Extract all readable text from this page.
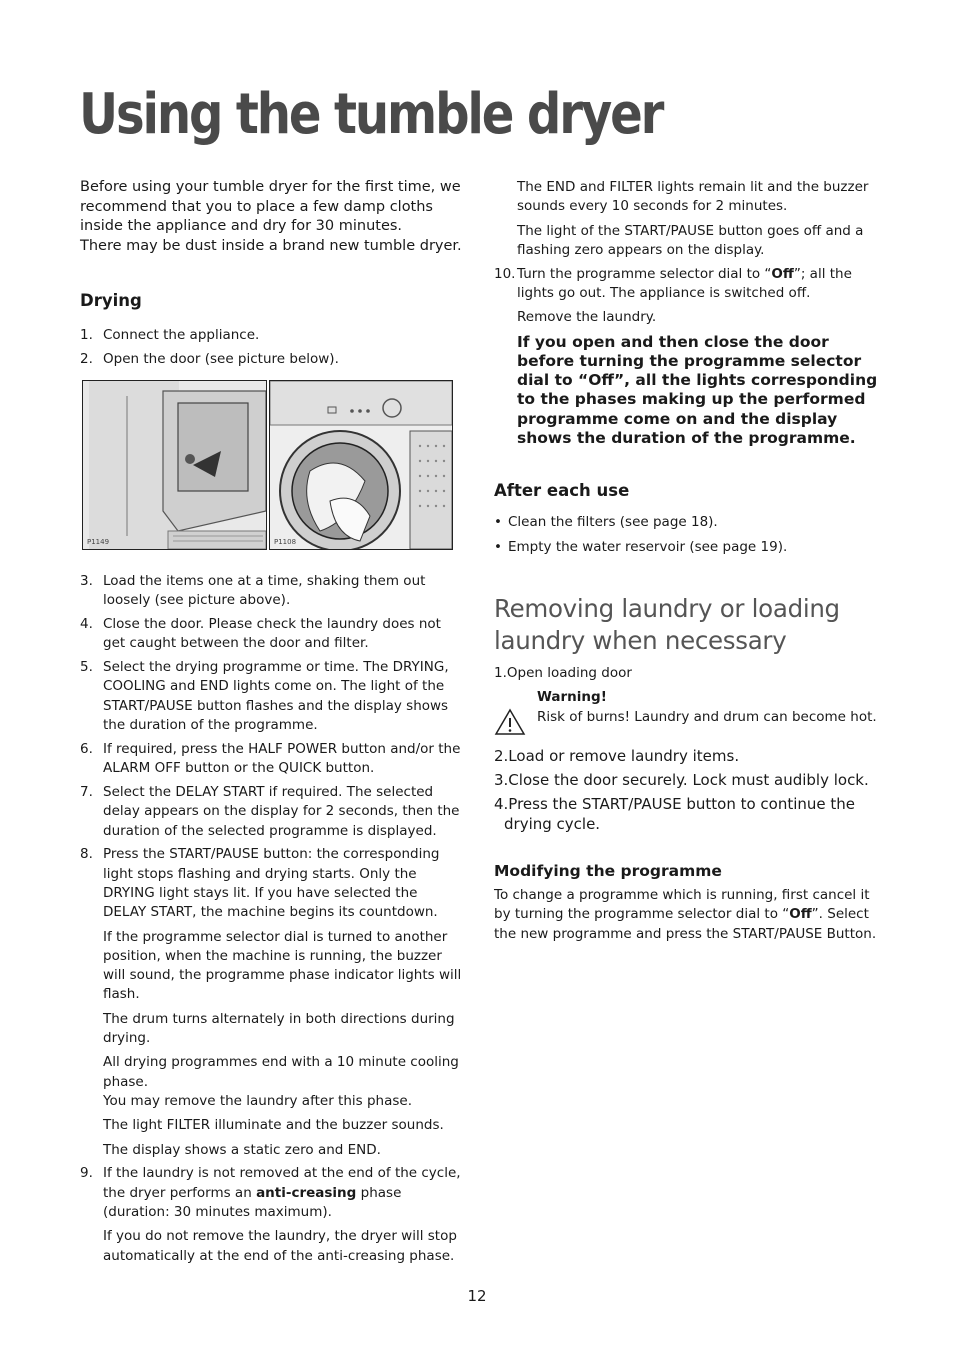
Using the tumble dryer
Before using your tumble dryer for the first time, we
recommend that you to place a few damp cloths
inside the appliance and dry for 30 minutes.
There may be dust inside a brand new tumble dryer.
Drying
1. Connect the appliance.
2. Open the door (see picture below).
P1149	P1108
3. Load the items one at a time, shaking them out loosely (see picture above).
4. Close the door. Please check the laundry does not get caught between the door and filter.
5. Select the drying programme or time. The DRYING, COOLING and END lights come on. The light of the START/PAUSE button flashes and the display shows the duration of the programme.
6. If required, press the HALF POWER button and/or the ALARM OFF button or the QUICK button.
7. Select the DELAY START if required. The selected delay appears on the display for 2 seconds, then the duration of the selected programme is displayed.
8. Press the START/PAUSE button: the corresponding light stops flashing and drying starts. Only the DRYING light stays lit. If you have selected the DELAY START, the machine begins its countdown.
If the programme selector dial is turned to another position, when the machine is running, the buzzer will sound, the programme phase indicator lights will flash.
The drum turns alternately in both directions during drying.
All drying programmes end with a 10 minute cooling phase.
You may remove the laundry after this phase.
The light FILTER illuminate and the buzzer sounds.
The display shows a static zero and END.
9. If the laundry is not removed at the end of the cycle, the dryer performs an anti-creasing phase (duration: 30 minutes maximum).
If you do not remove the laundry, the dryer will stop automatically at the end of the anti-creasing phase.

The END and FILTER lights remain lit and the buzzer sounds every 10 seconds for 2 minutes.

The light of the START/PAUSE button goes off and a flashing zero appears on the display.

10. Turn the programme selector dial to “Off”; all the lights go out. The appliance is switched off.

Remove the laundry.

If you open and then close the door before turning the programme selector dial to “Off”, all the lights corresponding to the phases making up the performed programme come on and the display shows the duration of the programme.

After each use
• Clean the filters (see page 18).
• Empty the water reservoir (see page 19).
Removing laundry or loading
laundry when necessary

1.Open loading door

Warning!
Risk of burns! Laundry and drum can become hot.
2.Load or remove laundry items.
3.Close the door securely. Lock must audibly lock.
4.Press the START/PAUSE button to continue the
drying cycle.
Modifying the programme

To change a programme which is running, first cancel it by turning the programme selector dial to “Off”. Select the new programme and press the START/PAUSE Button.

12
